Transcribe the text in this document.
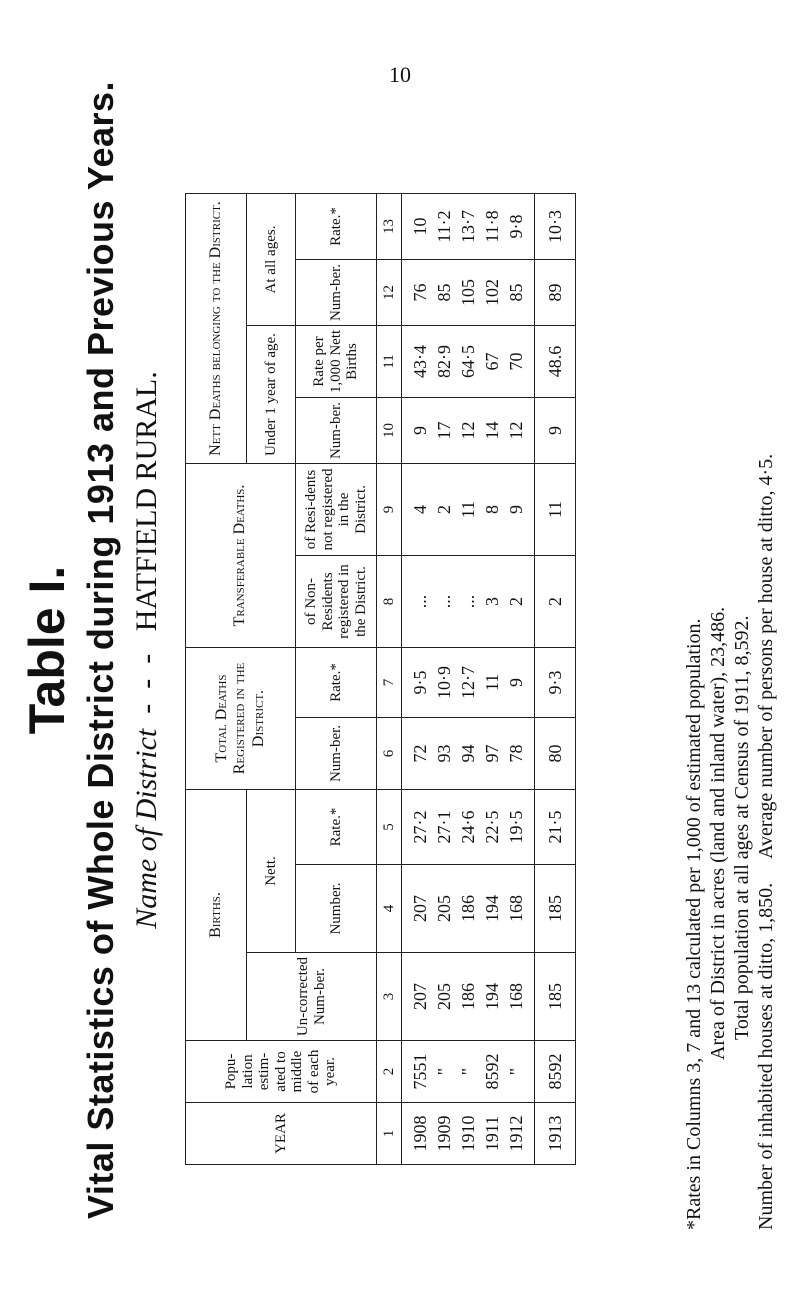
10
Table I. Vital Statistics of Whole District during 1913 and Previous Years. Name of District  -  -  -   HATFIELD RURAL.
YEAR	Popu-lation estim-ated to middle of each year.	Births.			Total Deaths Registered in the District.		Transferable Deaths.		Nett Deaths belonging to the District.			
		Un-corrected Num-ber.	Nett.						Under 1 year of age.		At all ages.	
			Number.	Rate.*	Num-ber.	Rate.*	of Non-Residents registered in the District.	of Resi-dents not registered in the District.	Num-ber.	Rate per 1,000 Nett Births	Num-ber.	Rate.*
1	2	3	4	5	6	7	8	9	10	11	12	13
1908	7551	207	207	27·2	72	9·5	...	4	9	43·4	76	10
1909	"	205	205	27·1	93	10·9	...	2	17	82·9	85	11·2
1910	"	186	186	24·6	94	12·7	...	11	12	64·5	105	13·7
1911	8592	194	194	22·5	97	11	3	8	14	67	102	11·8
1912	"	168	168	19·5	78	9	2	9	12	70	85	9·8
1913	8592	185	185	21·5	80	9·3	2	11	9	48.6	89	10·3
*Rates in Columns 3, 7 and 13 calculated per 1,000 of estimated population. Area of District in acres (land and inland water), 23,486. Total population at all ages at Census of 1911, 8,592. Number of inhabited houses at ditto, 1,850.     Average number of persons per house at ditto, 4·5.
